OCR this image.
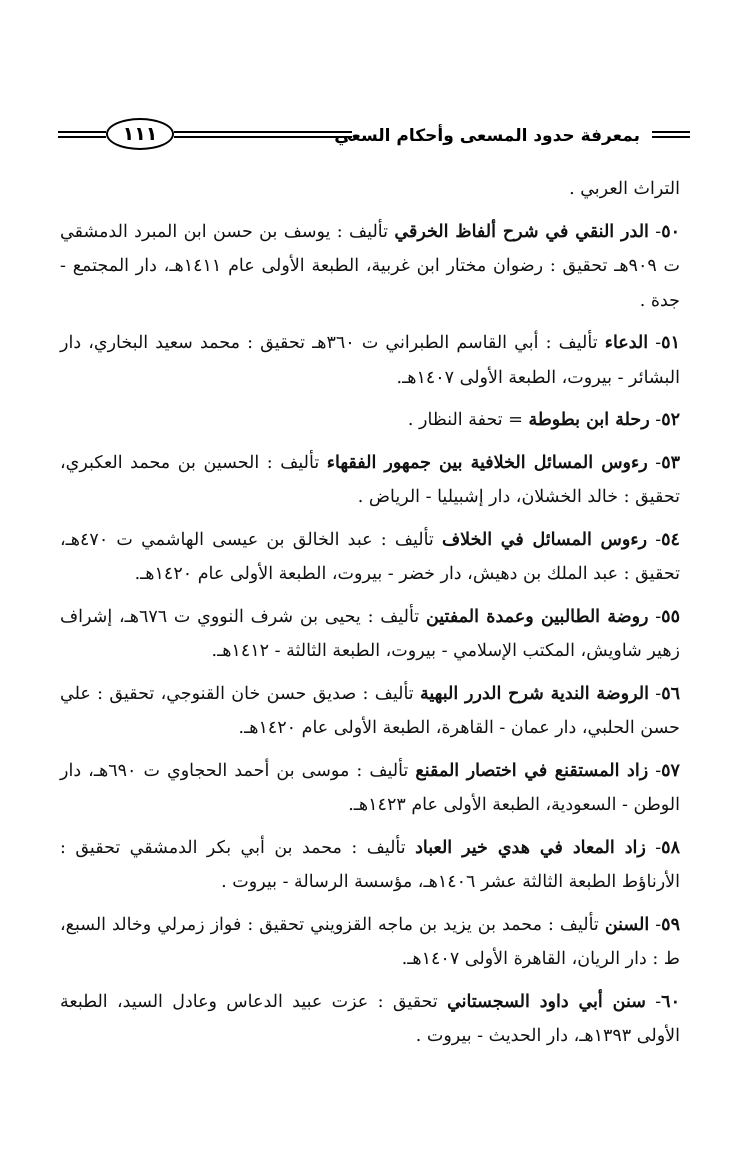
بمعرفة حدود المسعى وأحكام السعي
١١١

التراث العربي .

٥٠- الدر النقي في شرح ألفاظ الخرقي تأليف : يوسف بن حسن ابن المبرد الدمشقي ت ٩٠٩هـ تحقيق : رضوان مختار ابن غربية، الطبعة الأولى عام ١٤١١هـ، دار المجتمع - جدة .

٥١- الدعاء تأليف : أبي القاسم الطبراني ت ٣٦٠هـ تحقيق : محمد سعيد البخاري، دار البشائر - بيروت، الطبعة الأولى ١٤٠٧هـ.

٥٢- رحلة ابن بطوطة = تحفة النظار .

٥٣- رءوس المسائل الخلافية بين جمهور الفقهاء تأليف : الحسين بن محمد العكبري، تحقيق : خالد الخشلان، دار إشبيليا - الرياض .

٥٤- رءوس المسائل في الخلاف تأليف : عبد الخالق بن عيسى الهاشمي ت ٤٧٠هـ، تحقيق : عبد الملك بن دهيش، دار خضر - بيروت، الطبعة الأولى عام ١٤٢٠هـ.

٥٥- روضة الطالبين وعمدة المفتين تأليف : يحيى بن شرف النووي ت ٦٧٦هـ، إشراف زهير شاويش، المكتب الإسلامي - بيروت، الطبعة الثالثة - ١٤١٢هـ.

٥٦- الروضة الندية شرح الدرر البهية تأليف : صديق حسن خان القنوجي، تحقيق : علي حسن الحلبي، دار عمان - القاهرة، الطبعة الأولى عام ١٤٢٠هـ.

٥٧- زاد المستقنع في اختصار المقنع تأليف : موسى بن أحمد الحجاوي ت ٦٩٠هـ، دار الوطن - السعودية، الطبعة الأولى عام ١٤٢٣هـ.

٥٨- زاد المعاد في هدي خير العباد تأليف : محمد بن أبي بكر الدمشقي تحقيق : الأرناؤط الطبعة الثالثة عشر ١٤٠٦هـ، مؤسسة الرسالة - بيروت .

٥٩- السنن تأليف : محمد بن يزيد بن ماجه القزويني تحقيق : فواز زمرلي وخالد السبع، ط : دار الريان، القاهرة الأولى ١٤٠٧هـ.

٦٠- سنن أبي داود السجستاني تحقيق : عزت عبيد الدعاس وعادل السيد، الطبعة الأولى ١٣٩٣هـ، دار الحديث - بيروت .
